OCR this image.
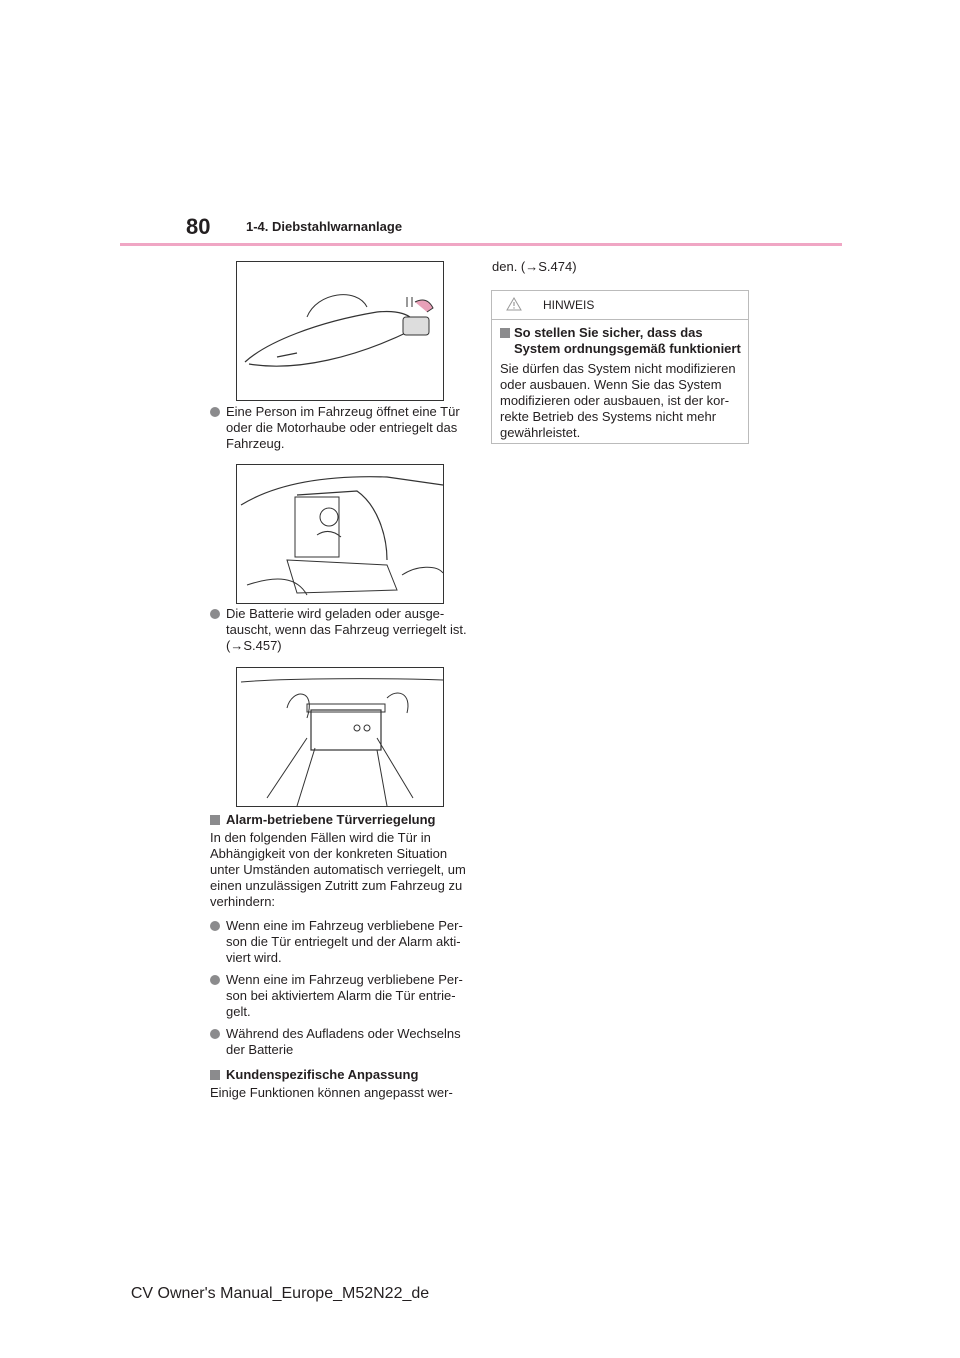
80	1-4. Diebstahlwarnanlage
Eine Person im Fahrzeug öffnet eine Tür oder die Motorhaube oder entriegelt das Fahrzeug.
Die Batterie wird geladen oder ausge-tauscht, wenn das Fahrzeug verriegelt ist. (→S.457)
Alarm-betriebene Türverriegelung
In den folgenden Fällen wird die Tür in Abhängigkeit von der konkreten Situation unter Umständen automatisch verriegelt, um einen unzulässigen Zutritt zum Fahrzeug zu verhindern:
Wenn eine im Fahrzeug verbliebene Per-son die Tür entriegelt und der Alarm akti-viert wird.
Wenn eine im Fahrzeug verbliebene Per-son bei aktiviertem Alarm die Tür entrie-gelt.
Während des Aufladens oder Wechselns der Batterie
Kundenspezifische Anpassung
Einige Funktionen können angepasst wer-
den. (→S.474)
HINWEIS
So stellen Sie sicher, dass das System ordnungsgemäß funktioniert
Sie dürfen das System nicht modifizieren oder ausbauen. Wenn Sie das System modifizieren oder ausbauen, ist der kor-rekte Betrieb des Systems nicht mehr gewährleistet.
CV Owner's Manual_Europe_M52N22_de
